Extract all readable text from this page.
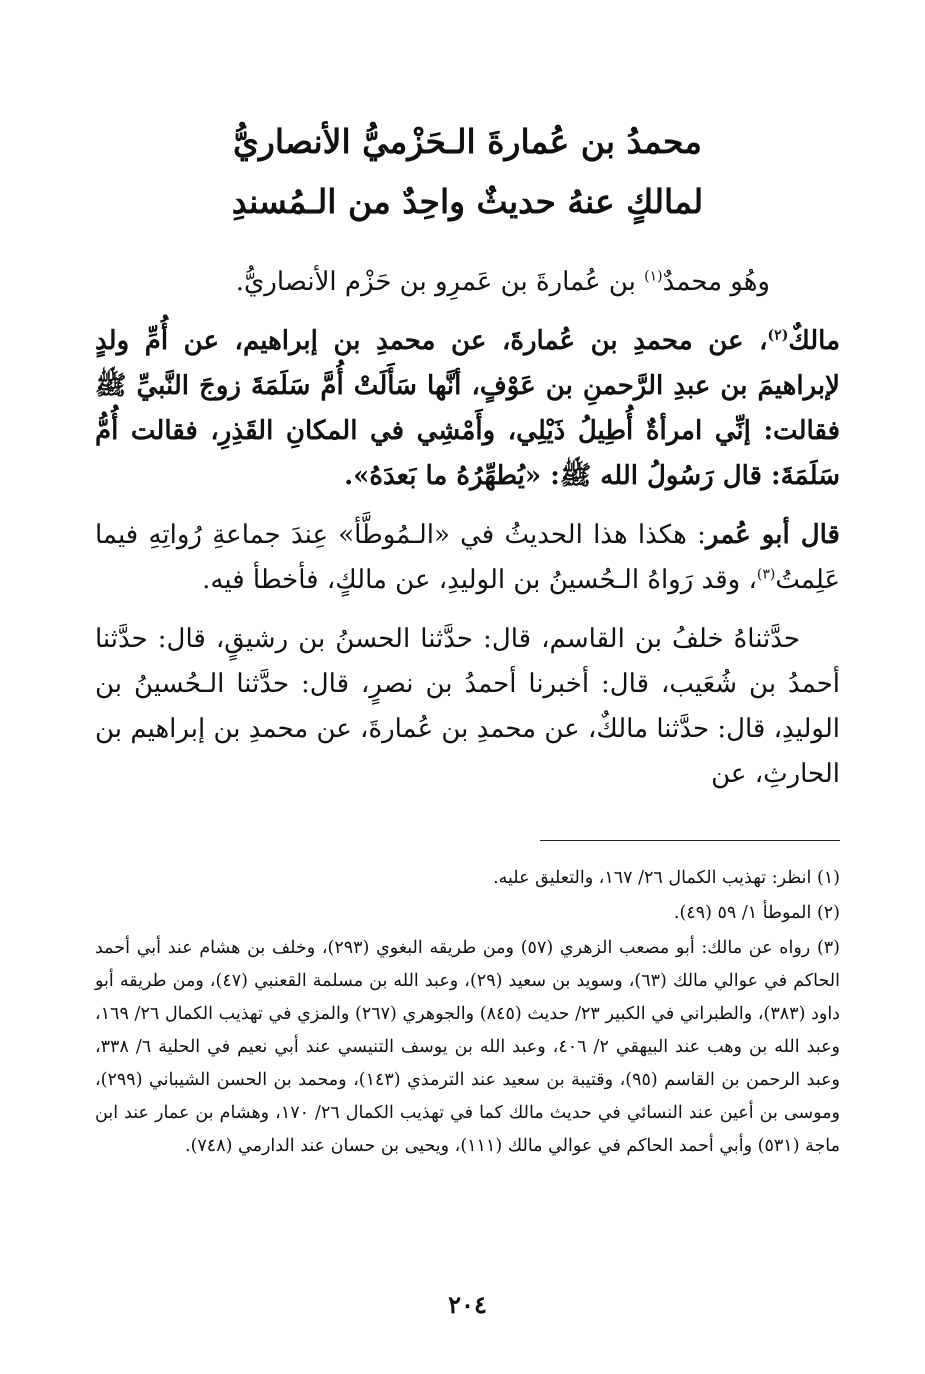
محمدُ بن عُمارةَ الـحَزْميُّ الأنصاريُّ
لمالكٍ عنهُ حديثٌ واحِدٌ من الـمُسندِ

وهُو محمدٌ$^{(١)}$ بن عُمارةَ بن عَمرِو بن حَزْم الأنصاريُّ.

مالكٌ$^{(٢)}$، عن محمدِ بن عُمارةَ، عن محمدِ بن إبراهيم، عن أُمِّ ولدٍ لإبراهيمَ بن عبدِ الرَّحمنِ بن عَوْفٍ، أنَّها سَأَلَتْ أُمَّ سَلَمَةَ زوجَ النَّبيِّ ﷺ فقالت: إنِّي امرأةٌ أُطِيلُ ذَيْلِي، وأَمْشِي في المكانِ القَذِرِ، فقالت أُمُّ سَلَمَةَ: قال رَسُولُ الله ﷺ: «يُطهِّرُهُ ما بَعدَهُ».

قال أبو عُمر: هكذا هذا الحديثُ في «الـمُوطَّأ» عِندَ جماعةِ رُواتِهِ فيما عَلِمتُ$^{(٣)}$، وقد رَواهُ الـحُسينُ بن الوليدِ، عن مالكٍ، فأخطأ فيه.

حدَّثناهُ خلفُ بن القاسم، قال: حدَّثنا الحسنُ بن رشيقٍ، قال: حدَّثنا أحمدُ بن شُعَيب، قال: أخبرنا أحمدُ بن نصرٍ، قال: حدَّثنا الـحُسينُ بن الوليدِ، قال: حدَّثنا مالكٌ، عن محمدِ بن عُمارةَ، عن محمدِ بن إبراهيم بن الحارثِ، عن

(١) انظر: تهذيب الكمال ٢٦/ ١٦٧، والتعليق عليه.
(٢) الموطأ ١/ ٥٩ (٤٩).
(٣) رواه عن مالك: أبو مصعب الزهري (٥٧) ومن طريقه البغوي (٢٩٣)، وخلف بن هشام عند أبي أحمد الحاكم في عوالي مالك (٦٣)، وسويد بن سعيد (٢٩)، وعبد الله بن مسلمة القعنبي (٤٧)، ومن طريقه أبو داود (٣٨٣)، والطبراني في الكبير ٢٣/ حديث (٨٤٥) والجوهري (٢٦٧) والمزي في تهذيب الكمال ٢٦/ ١٦٩، وعبد الله بن وهب عند البيهقي ٢/ ٤٠٦، وعبد الله بن يوسف التنيسي عند أبي نعيم في الحلية ٦/ ٣٣٨، وعبد الرحمن بن القاسم (٩٥)، وقتيبة بن سعيد عند الترمذي (١٤٣)، ومحمد بن الحسن الشيباني (٢٩٩)، وموسى بن أعين عند النسائي في حديث مالك كما في تهذيب الكمال ٢٦/ ١٧٠، وهشام بن عمار عند ابن ماجة (٥٣١) وأبي أحمد الحاكم في عوالي مالك (١١١)، ويحيى بن حسان عند الدارمي (٧٤٨).
٢٠٤
